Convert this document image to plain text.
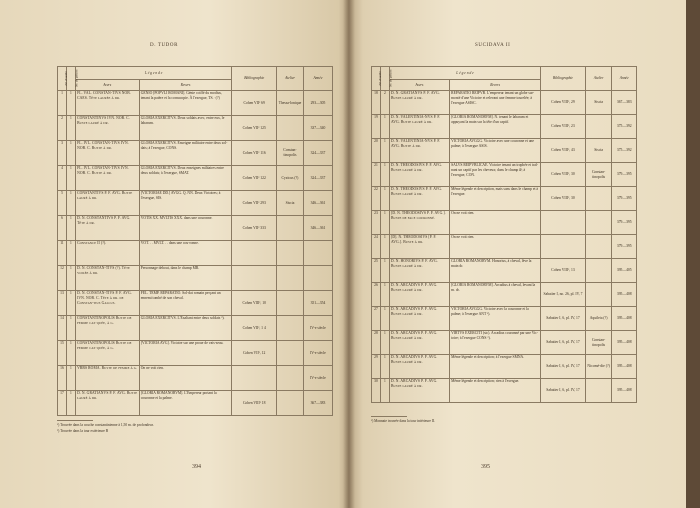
D. TUDOR
Nr. d'ordre	Nr. de pièces	L é g e n d e		Bibliographie	Atelier	Année
		Avers	Revers			
1	1	FL. VAL. CONSTAN-TIVS NOB. CAES. Tête laurée à dr.	GENIO [POPVLI ROMANI]. Génie coiffé du modius, tenant la patère et la cornucopie. À l'exergue, TS. ·(?)	Cohen VII² 69	Thessa-lonique	293—305
2	1	CONSTANTINVS IVN. NOB. C. Buste lauré à dr.	GLORIA EXERCITVS. Deux soldats avec, entre eux, le labarum.	Cohen VII² 125		337—340
3	1	FL. IVL. CONSTAN-TIVS IVN. NOB. C. Buste à dr.	GLORIA EXERCITVS. Enseigne militaire entre deux sol-dats; à l'exergue, CONS.	Cohen VII² 116	Constan-tinopolis	324—337
4	1	FL. IVL. CONSTAN-TIVS IVN. NOB. C. Buste à dr.	GLORIA EXERCITVS. Deux enseignes militaires entre deux soldats; à l'exergue, SMAT.	Cohen VII² 122	Cyzicus (?)	324—337
5	1	CONSTANTIVS P. F. AVG. Buste lauré à dr.	[VICTORIAE DD.] AVGG. Q. NN. Deux Victoires; à l'exergue, SIS.	Cohen VII² 293	Siscia	346—361
6	1	D. N. CONSTANTIVS P. F. AVG. Tête à dr.	VOTIS XX. MVLTIS XXX. dans une couronne.	Cohen VII² 333		346—361
11	1	Constance II (?).	VOT. . . MVLT. . . dans une cou-ronne.			
12	1	D. N. CONSTAN-TIVS (?). Tête voilée à dr.	Personnage debout, dans le champ MR.			
13	1	D. N. CONSTAN-TIVS P. F. AVG. IVN. NOB. C. Tête à dr. de Constan-tius Gallus.	FEL. TEMP. REPARATIO. Sol-dat romain perçant un ennemi tombé de son cheval.	Cohen VIII², 10		351—354
14	1	CONSTANTINOPOLIS Buste de femme cas-quée, à g.	GLORIA EXERCITVS. L'Exaltant entre deux soldats ³).	Cohen VII², 1 4		IV-e siècle
15	1	CONSTANTINOPOLIS Buste de femme cas-quée, à g.	[VICTORIA AVG]. Victoire sur une proue de vais-seau.	Cohen VII², 12		IV-e siècle
16	1	VRBS ROMA. Buste de femme à g.	On ne voit rien.			IV-e siècle
17	1	D. N. GRATIANVS P. F. AVG. Buste lauré à dr.	[GLORIA ROMANORVM]. L'Empereur portant la couronne et la palme.	Cohen VIII² 18		367—383
¹) Trouvée dans la couche constantinienne à 1,50 m. de profondeur.
²) Trouvée dans la tour extérieure B
394
SUCIDAVA II
Nr. d'ordre	Nr. de pièces	L é g e n d e		Bibliographie	Atelier	Année
		Avers	Revers			
18	2	D. N. GRATIANVS P. F. AVG. Buste lauré à dr.	REPARATIO REIPVB. L'empereur tenant un globe sur-monté d'une Victoire et relevant une femme tourelée; à l'exergue ASISC.	Cohen VIII², 29	Siscia	367—383
19	1	D. N. VALENTINIA-NVS P. F. AVG. Buste lauré à dr.	[GLORIA ROMANORVM]. N. tenant le labarum et appuyant la main sur la tête d'un captif.	Cohen VIII², 23		375—392
20	1	D. N. VALENTINIA-NVS P. F. AVG. Buste à dr.	VICTORIA AVGGG. Victoire avec une couronne et une palme; à l'exergue ASIS.	Cohen VIII², 43	Siscia	375—392
21	1	D. N. THEODOSIVS P. F. AVG. Buste lauré à dr.	SALVS REIPVBLICAE. Victoire tenant un trophée et traî-nant un captif par les cheveux; dans le champ ₽; à l'exergue, CON.	Cohen VIII², 30	Constan-tinopolis	379—395
22	1	D. N. THEODOSIVS P. F. AVG. Buste lauré à dr.	Même légende et description, mais sans dans le champ et à l'exergue.	Cohen VIII², 30		379—395
23	1	[D. N. THEODOSIVS P. F. AVG.]. Buste de face couronné.	On ne voit rien.			379—395
24	1	[D]. N. THEODOSIVS [P. F. AVG.]. Buste à dr.	On ne voit rien.			379—395
25	1	D. N. HONORIVS P. F. AVG. Buste lauré à dr.	GLORIA ROMANORVM. Honorius, à cheval, lève la main dr.	Cohen VIII², 13		395—405
26	1	D. N. ARCADIVS P. F. AVG. Buste lauré à dr.	[GLORIA ROMANORVM]. Arcadius à cheval, levant la m. dr.	Sabatier I, no. 26, pl. IV, 7		395—408
27	1	D. N. ARCADIVS P. F. AVG. Buste lauré à dr.	VICTORIA AVGGG. Victoire avec la couronne et la palme; à l'exergue ANT ¹).	Sabatier I, 6, pl. IV, 17	Aquileia (?)	395—408
28	1	D. N. ARCADIVS P. F. AVG. Buste lauré à dr.	VIRTVS EXERCITI (sic). Arcadius couronné par une Vic-toire; à l'exergue CONS ²).	Sabatier I, 6, pl. IV, 17	Constan-tinopolis	395—408
29	1	D. N. ARCADIVS P. F. AVG. Buste lauré à dr.	Même légende et description; à l'exergue SMNA.	Sabatier I, 6, pl. IV, 17	Nicomé-die (?)	395—408
30	1	D. N. ARCADIVS P. F. AVG. Buste lauré à dr.	Même légende et description; rien à l'exergue.	Sabatier I, 6, pl. IV, 17		395—408
¹) Monnaie trouvée dans la tour intérieure II.
395
